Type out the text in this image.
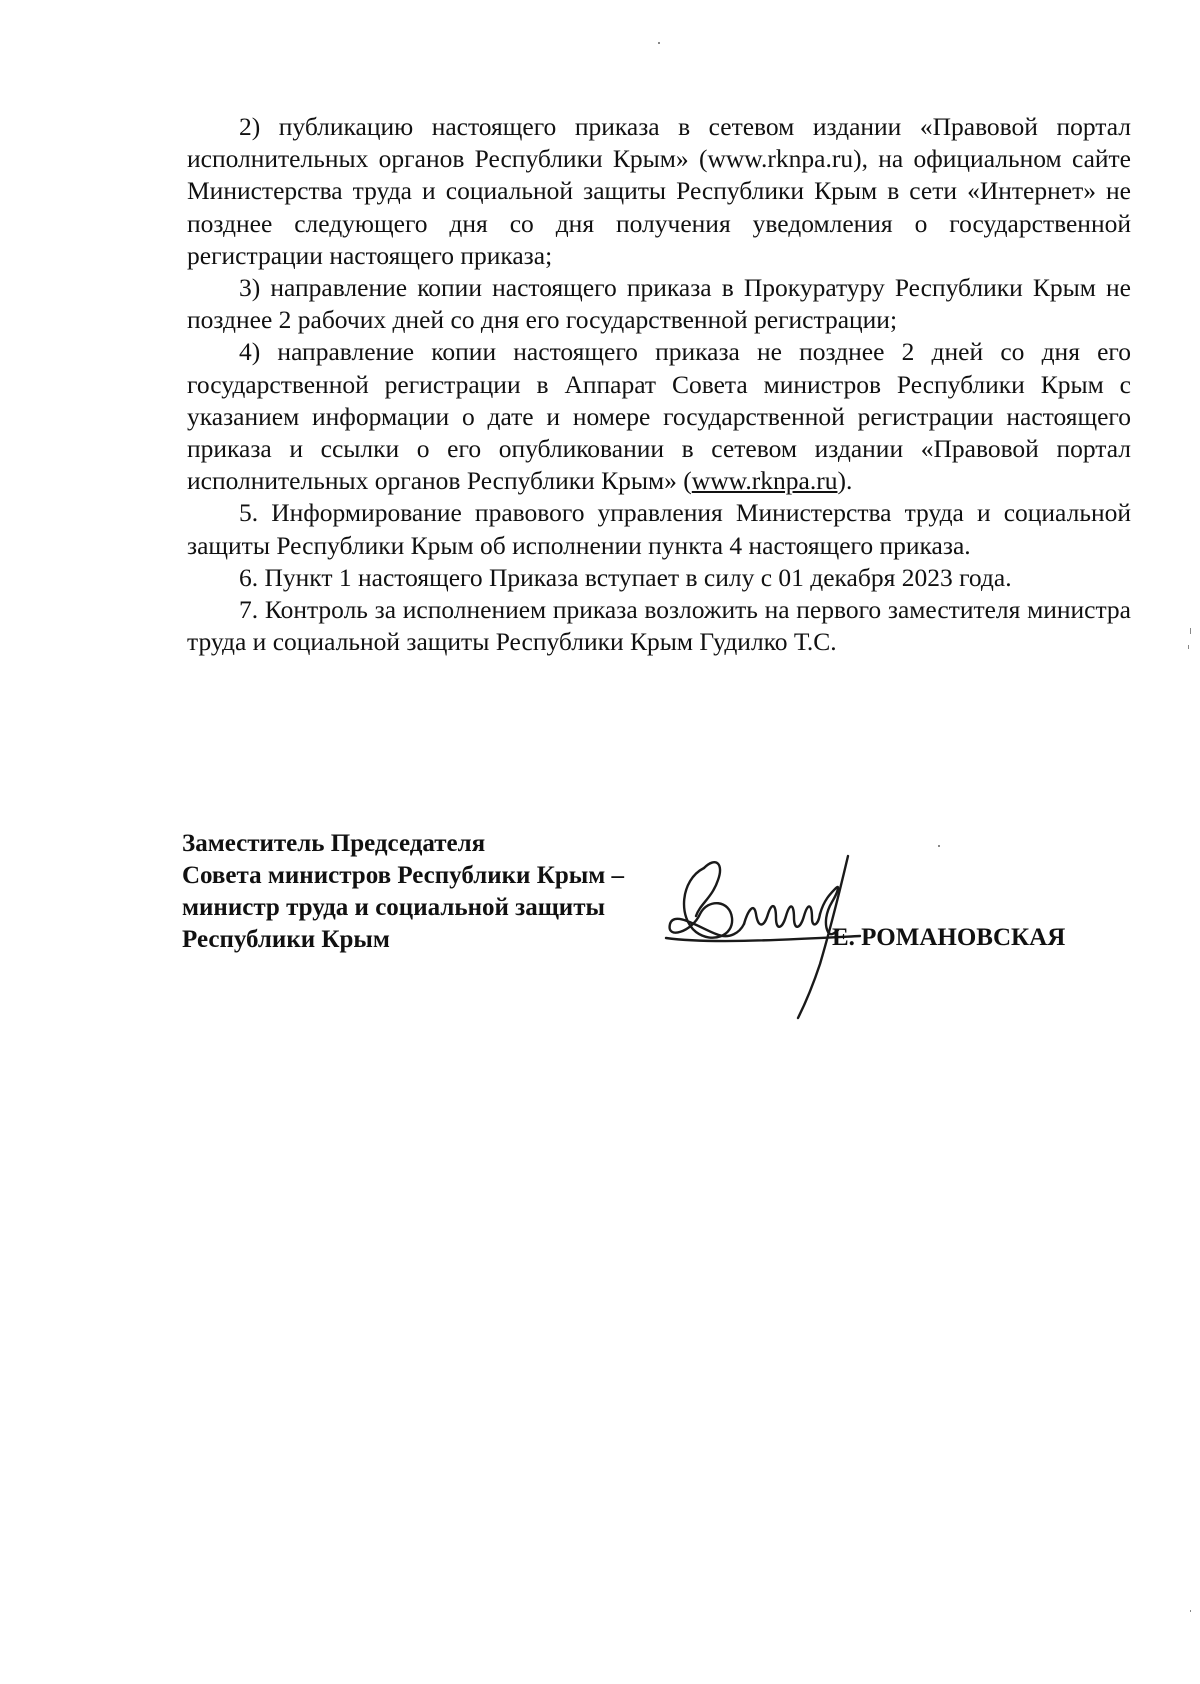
2) публикацию настоящего приказа в сетевом издании «Правовой портал исполнительных органов Республики Крым» (www.rknpa.ru), на официальном сайте Министерства труда и социальной защиты Республики Крым в сети «Интернет» не позднее следующего дня со дня получения уведомления о государственной регистрации настоящего приказа;

3) направление копии настоящего приказа в Прокуратуру Республики Крым не позднее 2 рабочих дней со дня его государственной регистрации;

4) направление копии настоящего приказа не позднее 2 дней со дня его государственной регистрации в Аппарат Совета министров Республики Крым с указанием информации о дате и номере государственной регистрации настоящего приказа и ссылки о его опубликовании в сетевом издании «Правовой портал исполнительных органов Республики Крым» (www.rknpa.ru).

5. Информирование правового управления Министерства труда и социальной защиты Республики Крым об исполнении пункта 4 настоящего приказа.

6. Пункт 1 настоящего Приказа вступает в силу с 01 декабря 2023 года.

7. Контроль за исполнением приказа возложить на первого заместителя министра труда и социальной защиты Республики Крым Гудилко Т.С.

Заместитель Председателя
Совета министров Республики Крым –
министр труда и социальной защиты
Республики Крым	Е. РОМАНОВСКАЯ
